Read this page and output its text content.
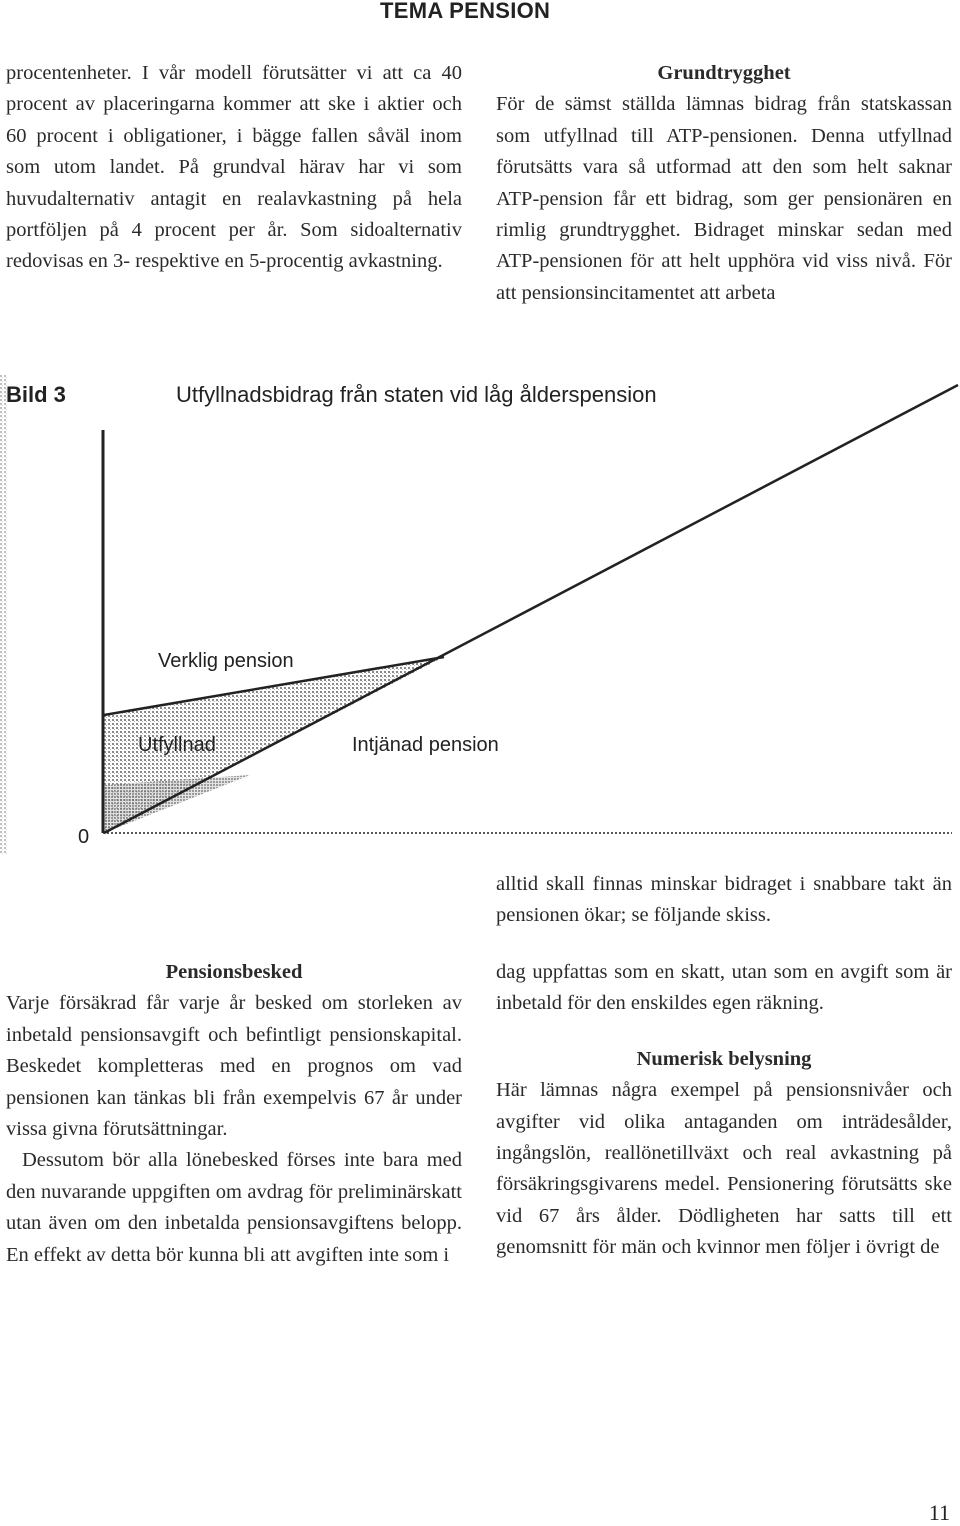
TEMA PENSION

procentenheter. I vår modell förutsätter vi att ca 40 procent av placeringarna kommer att ske i aktier och 60 procent i obligationer, i bägge fallen såväl inom som utom landet. På grundval härav har vi som huvudalternativ antagit en realavkastning på hela portföljen på 4 procent per år. Som sidoalternativ redovisas en 3- respektive en 5-procentig avkastning.

Grundtrygghet

För de sämst ställda lämnas bidrag från statskassan som utfyllnad till ATP-pensionen. Denna utfyllnad förutsätts vara så utformad att den som helt saknar ATP-pension får ett bidrag, som ger pensionären en rimlig grundtrygghet. Bidraget minskar sedan med ATP-pensionen för att helt upphöra vid viss nivå. För att pensionsincitamentet att arbeta

Bild 3	Utfyllnadsbidrag från staten vid låg ålderspension
Verklig pension
Utfyllnad	Intjänad pension
0

alltid skall finnas minskar bidraget i snabbare takt än pensionen ökar; se följande skiss.

Pensionsbesked

Varje försäkrad får varje år besked om storleken av inbetald pensionsavgift och befintligt pensionskapital. Beskedet kompletteras med en prognos om vad pensionen kan tänkas bli från exempelvis 67 år under vissa givna förutsättningar.

Dessutom bör alla lönebesked förses inte bara med den nuvarande uppgiften om avdrag för preliminärskatt utan även om den inbetalda pensionsavgiftens belopp. En effekt av detta bör kunna bli att avgiften inte som i

dag uppfattas som en skatt, utan som en avgift som är inbetald för den enskildes egen räkning.

Numerisk belysning

Här lämnas några exempel på pensionsnivåer och avgifter vid olika antaganden om inträdesålder, ingångslön, reallönetillväxt och real avkastning på försäkringsgivarens medel. Pensionering förutsätts ske vid 67 års ålder. Dödligheten har satts till ett genomsnitt för män och kvinnor men följer i övrigt de

11
